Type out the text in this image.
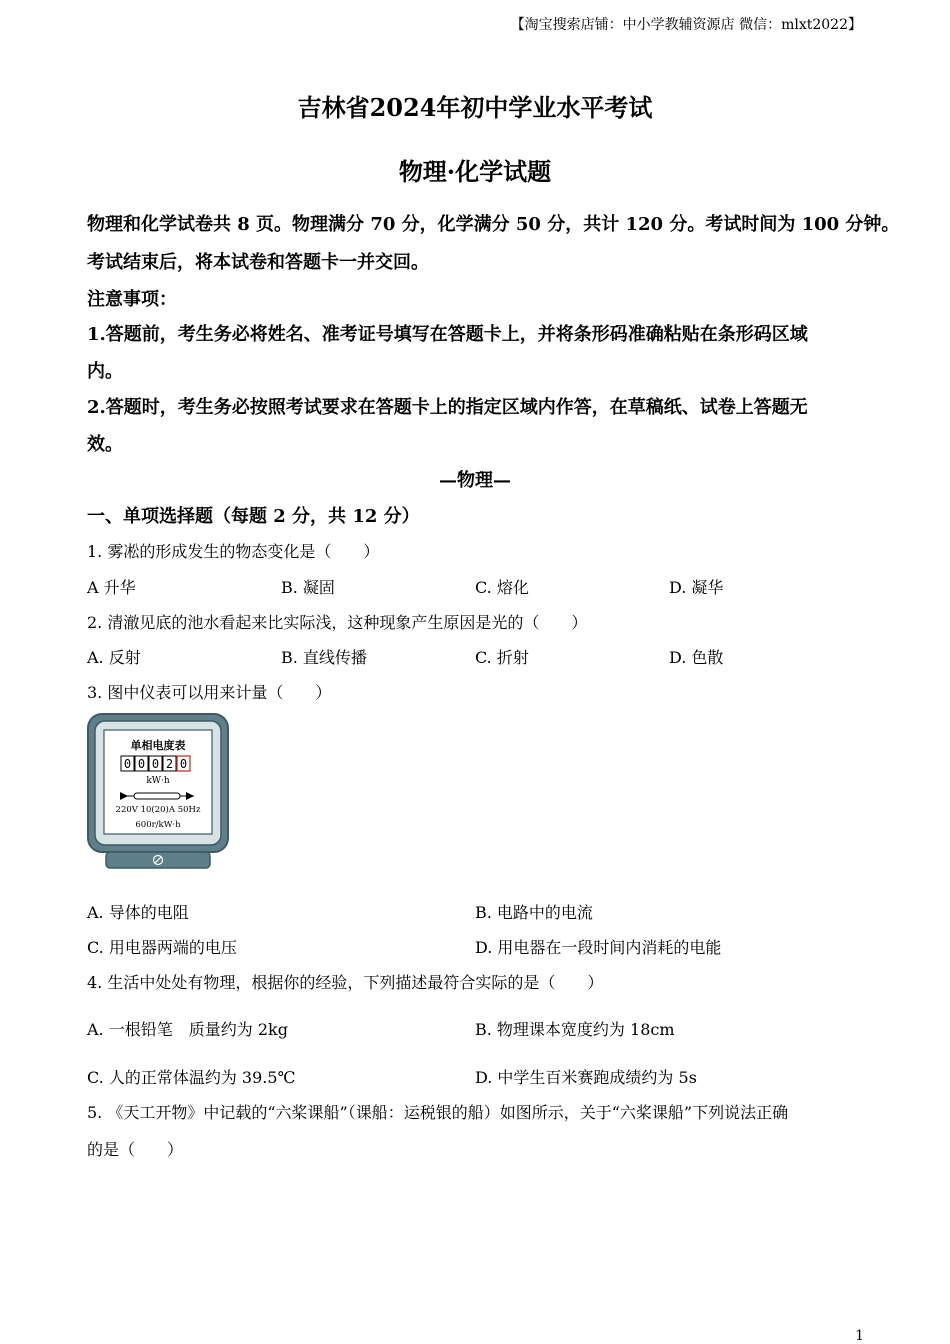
【淘宝搜索店铺：中小学教辅资源店 微信：mlxt2022】
吉林省2024年初中学业水平考试
物理·化学试题
物理和化学试卷共 8 页。物理满分 70 分，化学满分 50 分，共计 120 分。考试时间为 100 分钟。
考试结束后，将本试卷和答题卡一并交回。
注意事项：
1.答题前，考生务必将姓名、准考证号填写在答题卡上，并将条形码准确粘贴在条形码区域
内。
2.答题时，考生务必按照考试要求在答题卡上的指定区域内作答，在草稿纸、试卷上答题无
效。
—物理—
一、单项选择题（每题 2 分，共 12 分）
1. 雾凇的形成发生的物态变化是（　　）
A 升华	B. 凝固	C. 熔化	D. 凝华
2. 清澈见底的池水看起来比实际浅，这种现象产生原因是光的（　　）
A. 反射	B. 直线传播	C. 折射	D. 色散
3. 图中仪表可以用来计量（　　）
单相电度表
0 0 0 2 0
kW·h
220V 10(20)A 50Hz
600r/kW·h
A. 导体的电阻	B. 电路中的电流
C. 用电器两端的电压	D. 用电器在一段时间内消耗的电能
4. 生活中处处有物理，根据你的经验，下列描述最符合实际的是（　　）
A. 一根铅笔　质量约为 2kg	B. 物理课本宽度约为 18cm
C. 人的正常体温约为 39.5℃	D. 中学生百米赛跑成绩约为 5s
5. 《天工开物》中记载的“六桨课船”（课船：运税银的船）如图所示，关于“六桨课船”下列说法正确
的是（　　）
1
